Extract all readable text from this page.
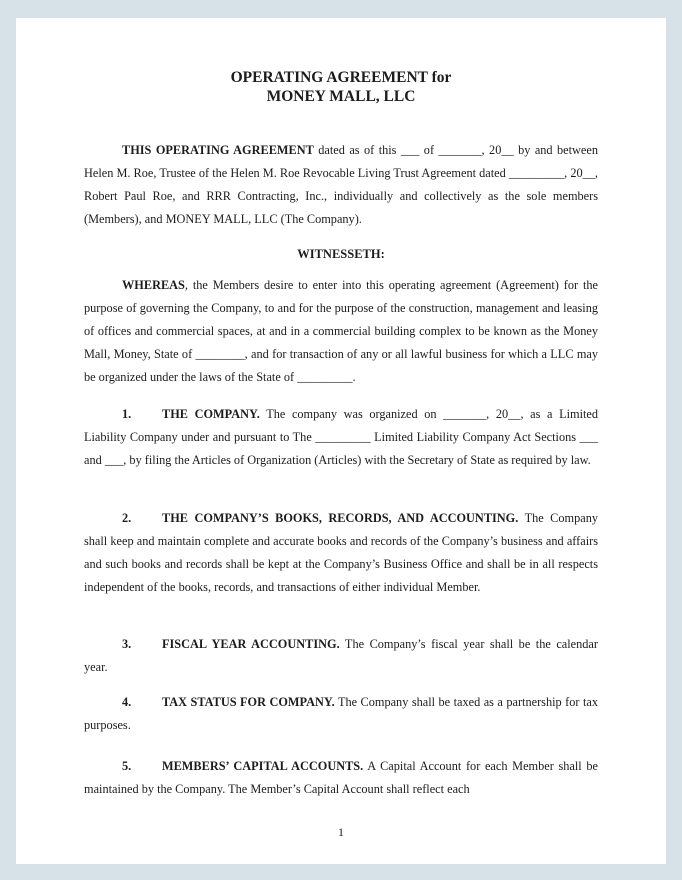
OPERATING AGREEMENT for
MONEY MALL, LLC
THIS OPERATING AGREEMENT dated as of this ___ of _______, 20__ by and between Helen M. Roe, Trustee of the Helen M. Roe Revocable Living Trust Agreement dated _________, 20__, Robert Paul Roe, and RRR Contracting, Inc., individually and collectively as the sole members (Members), and MONEY MALL, LLC (The Company).
WITNESSETH:
WHEREAS, the Members desire to enter into this operating agreement (Agreement) for the purpose of governing the Company, to and for the purpose of the construction, management and leasing of offices and commercial spaces, at and in a commercial building complex to be known as the Money Mall, Money, State of ________, and for transaction of any or all lawful business for which a LLC may be organized under the laws of the State of _________.
1.	THE COMPANY. The company was organized on _______, 20__, as a Limited Liability Company under and pursuant to The _________ Limited Liability Company Act Sections ___ and ___, by filing the Articles of Organization (Articles) with the Secretary of State as required by law.
2.	THE COMPANY’S BOOKS, RECORDS, AND ACCOUNTING. The Company shall keep and maintain complete and accurate books and records of the Company’s business and affairs and such books and records shall be kept at the Company’s Business Office and shall be in all respects independent of the books, records, and transactions of either individual Member.
3.	FISCAL YEAR ACCOUNTING. The Company’s fiscal year shall be the calendar year.
4.	TAX STATUS FOR COMPANY. The Company shall be taxed as a partnership for tax purposes.
5.	MEMBERS’ CAPITAL ACCOUNTS. A Capital Account for each Member shall be maintained by the Company. The Member’s Capital Account shall reflect each
1
